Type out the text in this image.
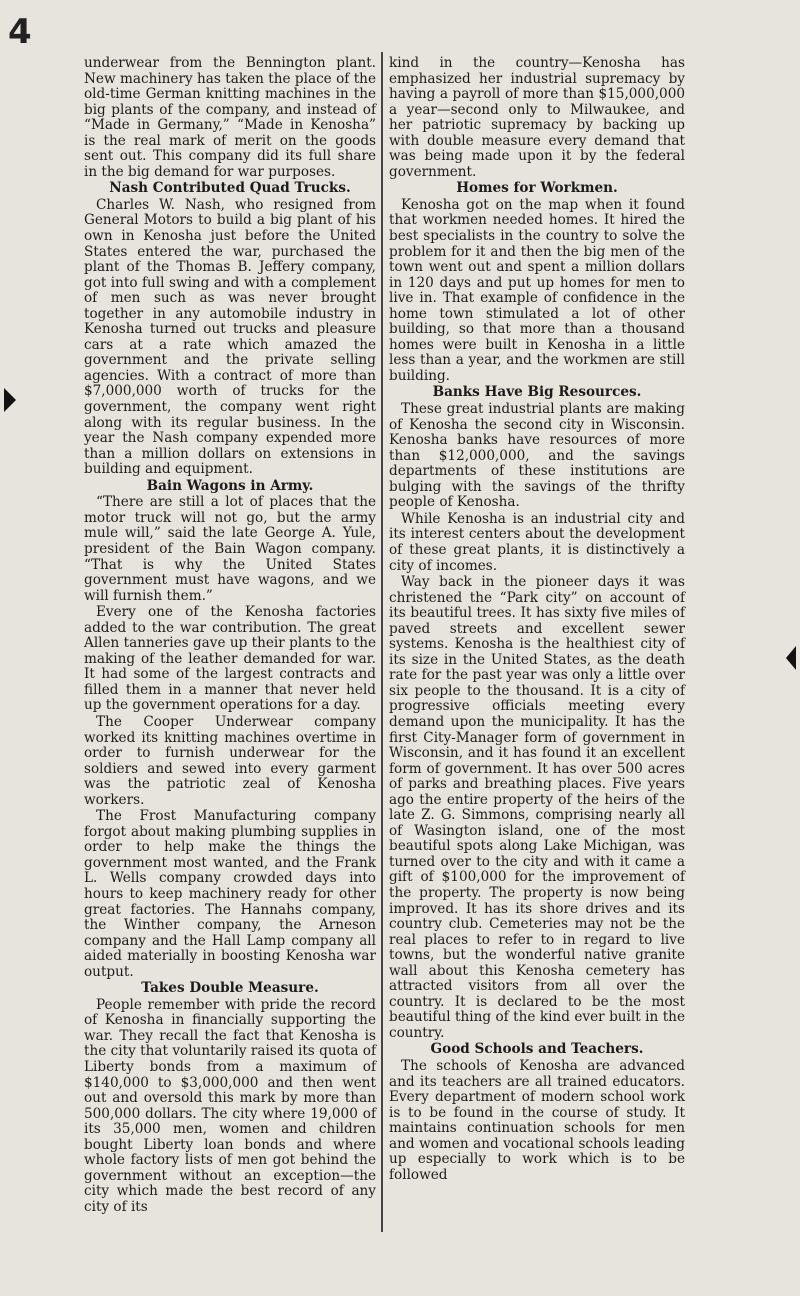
4

underwear from the Bennington plant. New machinery has taken the place of the old-time German knitting machines in the big plants of the company, and instead of “Made in Germany,” “Made in Kenosha” is the real mark of merit on the goods sent out. This company did its full share in the big demand for war purposes.

Nash Contributed Quad Trucks.

Charles W. Nash, who resigned from General Motors to build a big plant of his own in Kenosha just before the United States entered the war, purchased the plant of the Thomas B. Jeffery company, got into full swing and with a complement of men such as was never brought together in any automobile industry in Kenosha turned out trucks and pleasure cars at a rate which amazed the government and the private selling agencies. With a contract of more than $7,000,000 worth of trucks for the government, the company went right along with its regular business. In the year the Nash company expended more than a million dollars on extensions in building and equipment.

Bain Wagons in Army.

“There are still a lot of places that the motor truck will not go, but the army mule will,” said the late George A. Yule, president of the Bain Wagon company. “That is why the United States government must have wagons, and we will furnish them.”

Every one of the Kenosha factories added to the war contribution. The great Allen tanneries gave up their plants to the making of the leather demanded for war. It had some of the largest contracts and filled them in a manner that never held up the government operations for a day.

The Cooper Underwear company worked its knitting machines overtime in order to furnish underwear for the soldiers and sewed into every garment was the patriotic zeal of Kenosha workers.

The Frost Manufacturing company forgot about making plumbing supplies in order to help make the things the government most wanted, and the Frank L. Wells company crowded days into hours to keep machinery ready for other great factories. The Hannahs company, the Winther company, the Arneson company and the Hall Lamp company all aided materially in boosting Kenosha war output.

Takes Double Measure.

People remember with pride the record of Kenosha in financially supporting the war. They recall the fact that Kenosha is the city that voluntarily raised its quota of Liberty bonds from a maximum of $140,000 to $3,000,000 and then went out and oversold this mark by more than 500,000 dollars. The city where 19,000 of its 35,000 men, women and children bought Liberty loan bonds and where whole factory lists of men got behind the government without an exception—the city which made the best record of any city of its

kind in the country—Kenosha has emphasized her industrial supremacy by having a payroll of more than $15,000,000 a year—second only to Milwaukee, and her patriotic supremacy by backing up with double measure every demand that was being made upon it by the federal government.

Homes for Workmen.

Kenosha got on the map when it found that workmen needed homes. It hired the best specialists in the country to solve the problem for it and then the big men of the town went out and spent a million dollars in 120 days and put up homes for men to live in. That example of confidence in the home town stimulated a lot of other building, so that more than a thousand homes were built in Kenosha in a little less than a year, and the workmen are still building.

Banks Have Big Resources.

These great industrial plants are making of Kenosha the second city in Wisconsin. Kenosha banks have resources of more than $12,000,000, and the savings departments of these institutions are bulging with the savings of the thrifty people of Kenosha.

While Kenosha is an industrial city and its interest centers about the development of these great plants, it is distinctively a city of incomes.

Way back in the pioneer days it was christened the “Park city” on account of its beautiful trees. It has sixty five miles of paved streets and excellent sewer systems. Kenosha is the healthiest city of its size in the United States, as the death rate for the past year was only a little over six people to the thousand. It is a city of progressive officials meeting every demand upon the municipality. It has the first City-Manager form of government in Wisconsin, and it has found it an excellent form of government. It has over 500 acres of parks and breathing places. Five years ago the entire property of the heirs of the late Z. G. Simmons, comprising nearly all of Wasington island, one of the most beautiful spots along Lake Michigan, was turned over to the city and with it came a gift of $100,000 for the improvement of the property. The property is now being improved. It has its shore drives and its country club. Cemeteries may not be the real places to refer to in regard to live towns, but the wonderful native granite wall about this Kenosha cemetery has attracted visitors from all over the country. It is declared to be the most beautiful thing of the kind ever built in the country.

Good Schools and Teachers.

The schools of Kenosha are advanced and its teachers are all trained educators. Every department of modern school work is to be found in the course of study. It maintains continuation schools for men and women and vocational schools leading up especially to work which is to be followed
